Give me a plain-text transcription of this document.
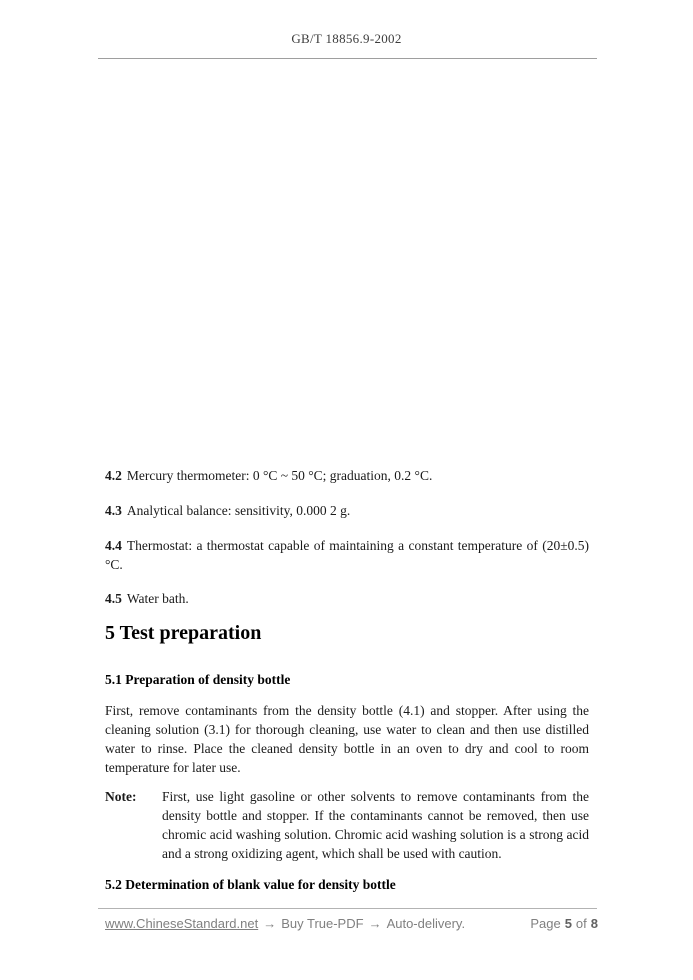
GB/T 18856.9-2002
4.2 Mercury thermometer: 0 °C ~ 50 °C; graduation, 0.2 °C.
4.3 Analytical balance: sensitivity, 0.000 2 g.
4.4 Thermostat: a thermostat capable of maintaining a constant temperature of (20±0.5) °C.
4.5 Water bath.
5 Test preparation
5.1 Preparation of density bottle
First, remove contaminants from the density bottle (4.1) and stopper. After using the cleaning solution (3.1) for thorough cleaning, use water to clean and then use distilled water to rinse. Place the cleaned density bottle in an oven to dry and cool to room temperature for later use.
Note:	First, use light gasoline or other solvents to remove contaminants from the density bottle and stopper. If the contaminants cannot be removed, then use chromic acid washing solution. Chromic acid washing solution is a strong acid and a strong oxidizing agent, which shall be used with caution.
5.2 Determination of blank value for density bottle
www.ChineseStandard.net → Buy True-PDF → Auto-delivery.	Page 5 of 8
